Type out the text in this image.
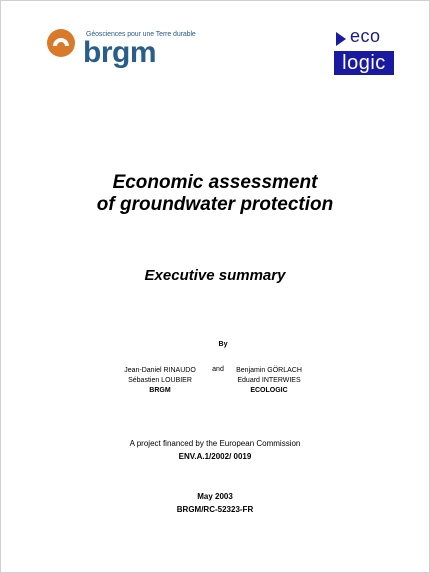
Géosciences pour une Terre durable
brgm	eco
logic
Economic assessment
of groundwater protection
Executive summary
By
Jean-Daniel RINAUDO
Sébastien LOUBIER
BRGM
and	Benjamin GÖRLACH
Eduard INTERWIES
ECOLOGIC
A project financed by the European Commission
ENV.A.1/2002/ 0019
May 2003
BRGM/RC-52323-FR
